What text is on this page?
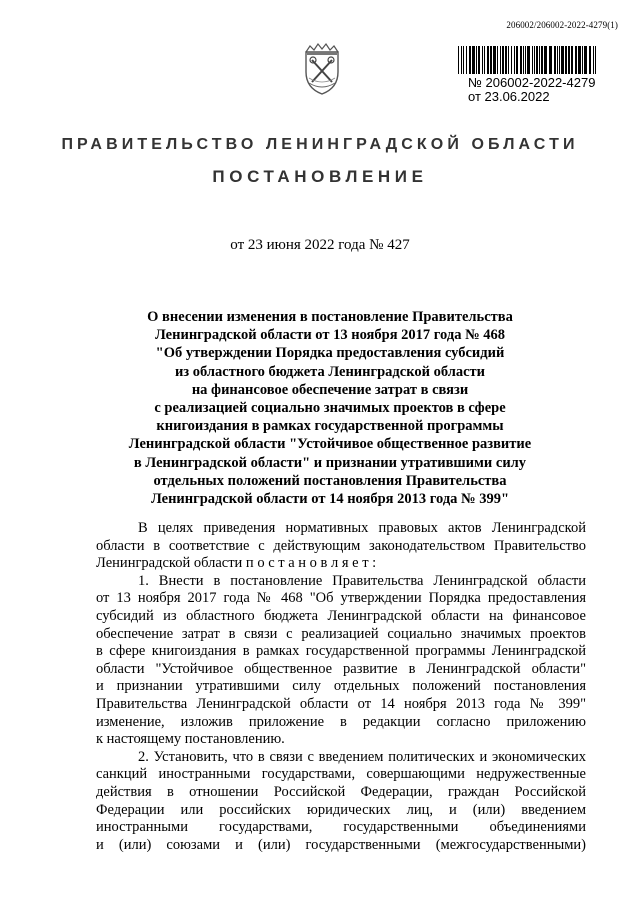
206002/206002-2022-4279(1)
№ 206002-2022-4279
от 23.06.2022
ПРАВИТЕЛЬСТВО ЛЕНИНГРАДСКОЙ ОБЛАСТИ
ПОСТАНОВЛЕНИЕ
от 23 июня 2022 года № 427
О внесении изменения в постановление Правительства
Ленинградской области от 13 ноября 2017 года № 468
"Об утверждении Порядка предоставления субсидий
из областного бюджета Ленинградской области
на финансовое обеспечение затрат в связи
с реализацией социально значимых проектов в сфере
книгоиздания в рамках государственной программы
Ленинградской области "Устойчивое общественное развитие
в Ленинградской области" и признании утратившими силу
отдельных положений постановления Правительства
Ленинградской области от 14 ноября 2013 года № 399"
В целях приведения нормативных правовых актов Ленинградской
области в соответствие с действующим законодательством Правительство
Ленинградской области п о с т а н о в л я е т :
1. Внести в постановление Правительства Ленинградской области
от 13 ноября 2017 года № 468 "Об утверждении Порядка предоставления
субсидий из областного бюджета Ленинградской области на финансовое
обеспечение затрат в связи с реализацией социально значимых проектов
в сфере книгоиздания в рамках государственной программы Ленинградской
области "Устойчивое общественное развитие в Ленинградской области"
и признании утратившими силу отдельных положений постановления
Правительства Ленинградской области от 14 ноября 2013 года № 399"
изменение, изложив приложение в редакции согласно приложению
к настоящему постановлению.
2. Установить, что в связи с введением политических и экономических
санкций иностранными государствами, совершающими недружественные
действия в отношении Российской Федерации, граждан Российской
Федерации или российских юридических лиц, и (или) введением
иностранными государствами, государственными объединениями
и (или) союзами и (или) государственными (межгосударственными)
